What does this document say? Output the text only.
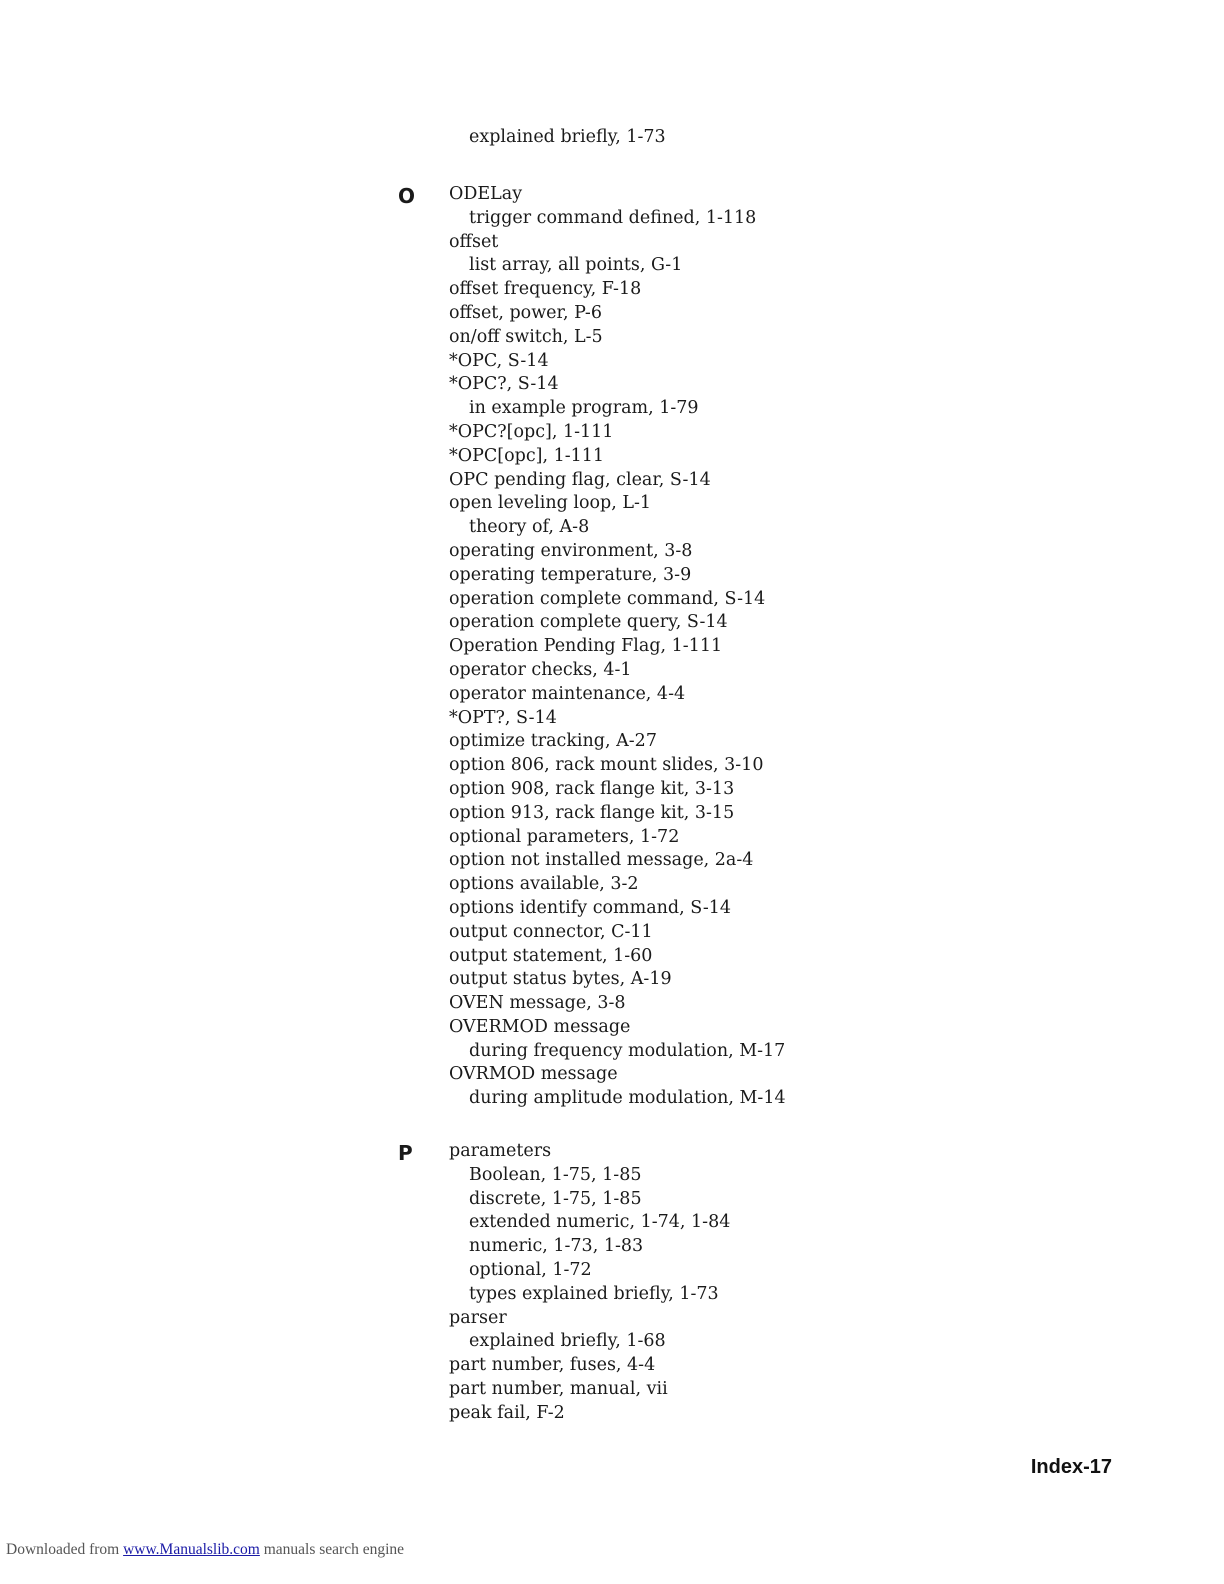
explained briefly, 1-73
O ODELay
trigger command defined, 1-118
offset
list array, all points, G-1
offset frequency, F-18
offset, power, P-6
on/off switch, L-5
*OPC, S-14
*OPC?, S-14
in example program, 1-79
*OPC?[opc], 1-111
*OPC[opc], 1-111
OPC pending flag, clear, S-14
open leveling loop, L-1
theory of, A-8
operating environment, 3-8
operating temperature, 3-9
operation complete command, S-14
operation complete query, S-14
Operation Pending Flag, 1-111
operator checks, 4-1
operator maintenance, 4-4
*OPT?, S-14
optimize tracking, A-27
option 806, rack mount slides, 3-10
option 908, rack flange kit, 3-13
option 913, rack flange kit, 3-15
optional parameters, 1-72
option not installed message, 2a-4
options available, 3-2
options identify command, S-14
output connector, C-11
output statement, 1-60
output status bytes, A-19
OVEN message, 3-8
OVERMOD message
during frequency modulation, M-17
OVRMOD message
during amplitude modulation, M-14
P parameters
Boolean, 1-75, 1-85
discrete, 1-75, 1-85
extended numeric, 1-74, 1-84
numeric, 1-73, 1-83
optional, 1-72
types explained briefly, 1-73
parser
explained briefly, 1-68
part number, fuses, 4-4
part number, manual, vii
peak fail, F-2
Index-17
Downloaded from www.Manualslib.com manuals search engine
